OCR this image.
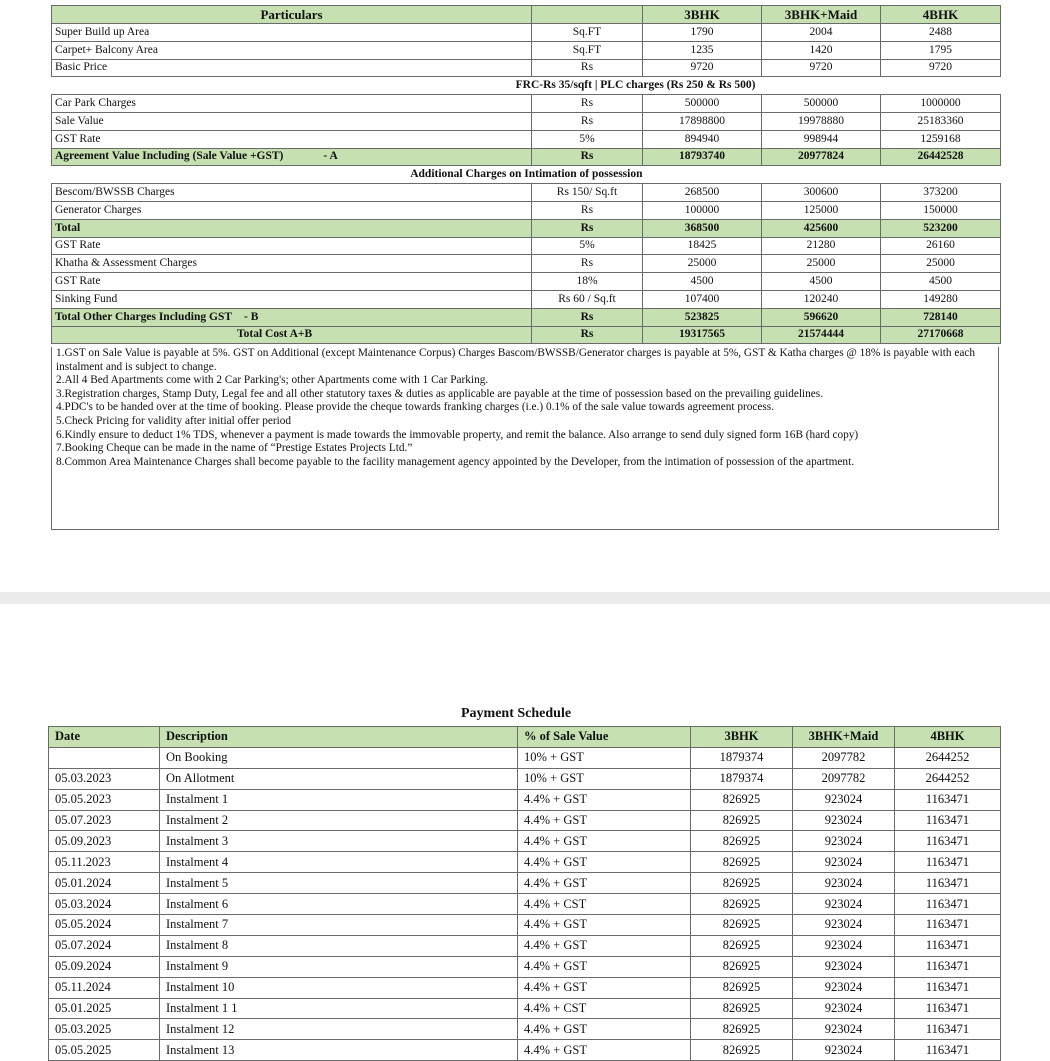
Particulars		3BHK	3BHK+Maid	4BHK
Super Build up Area	Sq.FT	1790	2004	2488
Carpet+ Balcony Area	Sq.FT	1235	1420	1795
Basic Price	Rs	9720	9720	9720
FRC-Rs 35/sqft | PLC charges (Rs 250 & Rs 500)				
Car Park Charges	Rs	500000	500000	1000000
Sale Value	Rs	17898800	19978880	25183360
GST Rate	5%	894940	998944	1259168
Agreement Value Including (Sale Value +GST) - A	Rs	18793740	20977824	26442528
Additional Charges on Intimation of possession				
Bescom/BWSSB Charges	Rs 150/ Sq.ft	268500	300600	373200
Generator Charges	Rs	100000	125000	150000
Total	Rs	368500	425600	523200
GST Rate	5%	18425	21280	26160
Khatha & Assessment Charges	Rs	25000	25000	25000
GST Rate	18%	4500	4500	4500
Sinking Fund	Rs 60 / Sq.ft	107400	120240	149280
Total Other Charges Including GST - B	Rs	523825	596620	728140
Total Cost A+B	Rs	19317565	21574444	27170668

1.GST on Sale Value is payable at 5%. GST on Additional (except Maintenance Corpus) Charges Bascom/BWSSB/Generator charges is payable at 5%, GST & Katha charges @ 18% is payable with each instalment and is subject to change.

2.All 4 Bed Apartments come with 2 Car Parking's; other Apartments come with 1 Car Parking.

3.Registration charges, Stamp Duty, Legal fee and all other statutory taxes & duties as applicable are payable at the time of possession based on the prevailing guidelines.

4.PDC's to be handed over at the time of booking. Please provide the cheque towards franking charges (i.e.) 0.1% of the sale value towards agreement process.

5.Check Pricing for validity after initial offer period

6.Kindly ensure to deduct 1% TDS, whenever a payment is made towards the immovable property, and remit the balance. Also arrange to send duly signed form 16B (hard copy)

7.Booking Cheque can be made in the name of “Prestige Estates Projects Ltd.”

8.Common Area Maintenance Charges shall become payable to the facility management agency appointed by the Developer, from the intimation of possession of the apartment.

Payment Schedule
Date	Description	% of Sale Value	3BHK	3BHK+Maid	4BHK
	On Booking	10% + GST	1879374	2097782	2644252
05.03.2023	On Allotment	10% + GST	1879374	2097782	2644252
05.05.2023	Instalment 1	4.4% + GST	826925	923024	1163471
05.07.2023	Instalment 2	4.4% + GST	826925	923024	1163471
05.09.2023	Instalment 3	4.4% + GST	826925	923024	1163471
05.11.2023	Instalment 4	4.4% + GST	826925	923024	1163471
05.01.2024	Instalment 5	4.4% + GST	826925	923024	1163471
05.03.2024	Instalment 6	4.4% + CST	826925	923024	1163471
05.05.2024	Instalment 7	4.4% + GST	826925	923024	1163471
05.07.2024	Instalment 8	4.4% + GST	826925	923024	1163471
05.09.2024	Instalment 9	4.4% + GST	826925	923024	1163471
05.11.2024	Instalment 10	4.4% + GST	826925	923024	1163471
05.01.2025	Instalment 1 1	4.4% + CST	826925	923024	1163471
05.03.2025	Instalment 12	4.4% + GST	826925	923024	1163471
05.05.2025	Instalment 13	4.4% + GST	826925	923024	1163471
